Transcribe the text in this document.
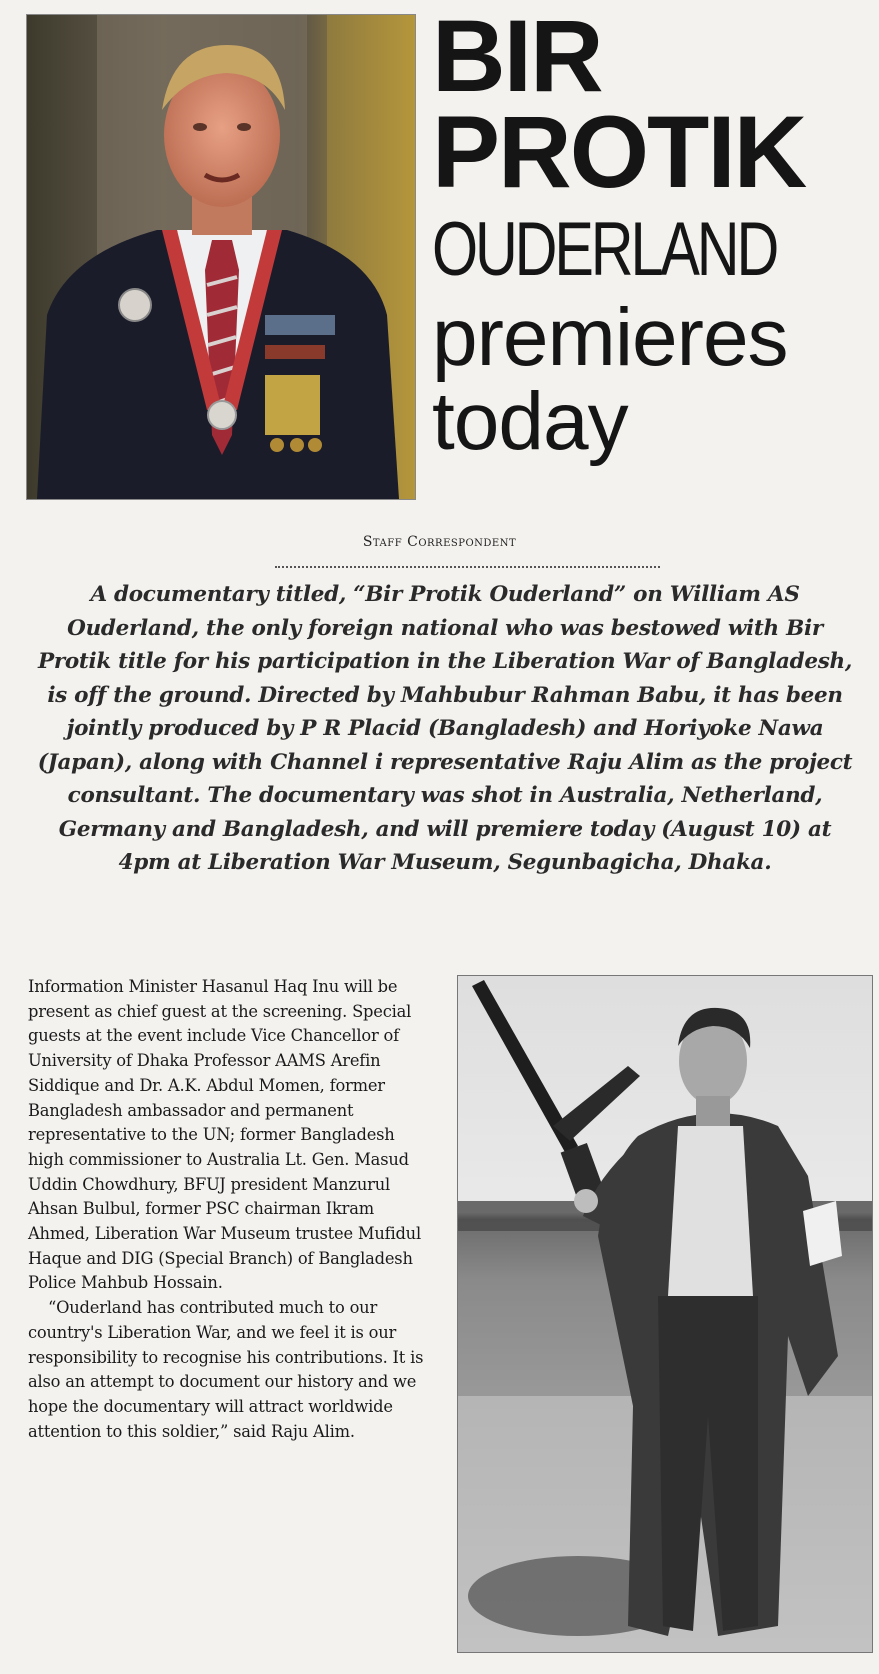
BIR
PROTIK
OUDERLAND
premieres
today
Staff Correspondent
A documentary titled, “Bir Protik Ouderland” on William AS Ouderland, the only foreign national who was bestowed with Bir Protik title for his participation in the Liberation War of Bangladesh, is off the ground. Directed by Mahbubur Rahman Babu, it has been jointly produced by P R Placid (Bangladesh) and Horiyoke Nawa (Japan), along with Channel i representative Raju Alim as the project consultant. The documentary was shot in Australia, Netherland, Germany and Bangladesh, and will premiere today (August 10) at 4pm at Liberation War Museum, Segunbagicha, Dhaka.

Information Minister Hasanul Haq Inu will be present as chief guest at the screening. Special guests at the event include Vice Chancellor of University of Dhaka Professor AAMS Arefin Siddique and Dr. A.K. Abdul Momen, former Bangladesh ambassador and permanent representative to the UN; former Bangladesh high commissioner to Australia Lt. Gen. Masud Uddin Chowdhury, BFUJ president Manzurul Ahsan Bulbul, former PSC chairman Ikram Ahmed, Liberation War Museum trustee Mufidul Haque and DIG (Special Branch) of Bangladesh Police Mahbub Hossain.

“Ouderland has contributed much to our country's Liberation War, and we feel it is our responsibility to recognise his contributions. It is also an attempt to document our history and we hope the documentary will attract worldwide attention to this soldier,” said Raju Alim.
